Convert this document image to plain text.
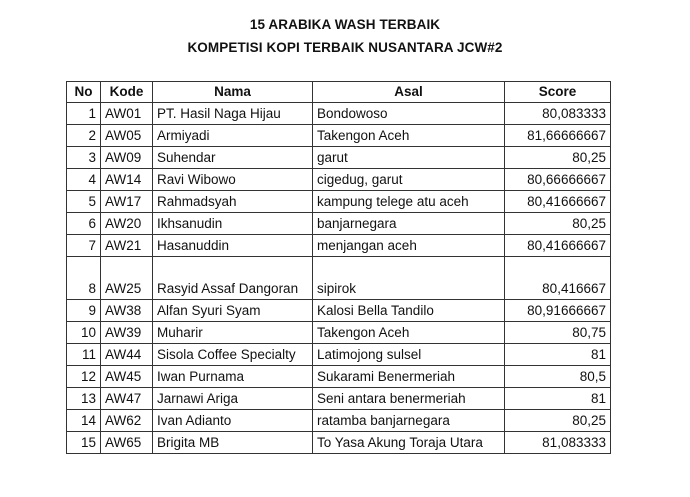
15 ARABIKA WASH TERBAIK
KOMPETISI KOPI TERBAIK NUSANTARA JCW#2
No	Kode	Nama	Asal	Score
1	AW01	PT. Hasil Naga Hijau	Bondowoso	80,083333
2	AW05	Armiyadi	Takengon Aceh	81,66666667
3	AW09	Suhendar	garut	80,25
4	AW14	Ravi Wibowo	cigedug, garut	80,66666667
5	AW17	Rahmadsyah	kampung telege atu aceh	80,41666667
6	AW20	Ikhsanudin	banjarnegara	80,25
7	AW21	Hasanuddin	menjangan aceh	80,41666667
8	AW25	Rasyid Assaf Dangoran	sipirok	80,416667
9	AW38	Alfan Syuri Syam	Kalosi Bella Tandilo	80,91666667
10	AW39	Muharir	Takengon Aceh	80,75
11	AW44	Sisola Coffee Specialty	Latimojong sulsel	81
12	AW45	Iwan Purnama	Sukarami Benermeriah	80,5
13	AW47	Jarnawi Ariga	Seni antara benermeriah	81
14	AW62	Ivan Adianto	ratamba banjarnegara	80,25
15	AW65	Brigita MB	To Yasa Akung Toraja Utara	81,083333
